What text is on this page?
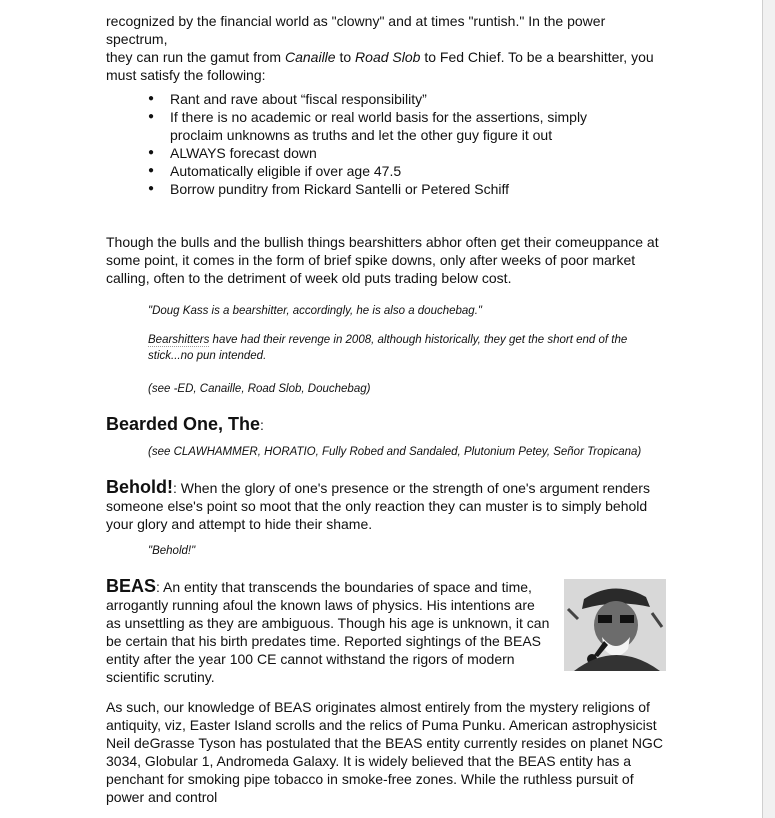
recognized by the financial world as "clowny" and at times "runtish." In the power spectrum,
they can run the gamut from Canaille to Road Slob to Fed Chief. To be a bearshitter, you
must satisfy the following:

● Rant and rave about “fiscal responsibility”
● If there is no academic or real world basis for the assertions, simply proclaim unknowns as truths and let the other guy figure it out
● ALWAYS forecast down
● Automatically eligible if over age 47.5
● Borrow punditry from Rickard Santelli or Petered Schiff

Though the bulls and the bullish things bearshitters abhor often get their comeuppance at some point, it comes in the form of brief spike downs, only after weeks of poor market calling, often to the detriment of week old puts trading below cost.

"Doug Kass is a bearshitter, accordingly, he is also a douchebag."

Bearshitters have had their revenge in 2008, although historically, they get the short end of the stick...no pun intended.

(see -ED, Canaille, Road Slob, Douchebag)

Bearded One, The:

(see CLAWHAMMER, HORATIO, Fully Robed and Sandaled, Plutonium Petey, Señor Tropicana)

Behold!: When the glory of one's presence or the strength of one's argument renders someone else's point so moot that the only reaction they can muster is to simply behold your glory and attempt to hide their shame.

"Behold!"

BEAS: An entity that transcends the boundaries of space and time, arrogantly running afoul the known laws of physics. His intentions are as unsettling as they are ambiguous. Though his age is unknown, it can be certain that his birth predates time. Reported sightings of the BEAS entity after the year 100 CE cannot withstand the rigors of modern scientific scrutiny.

As such, our knowledge of BEAS originates almost entirely from the mystery religions of antiquity, viz, Easter Island scrolls and the relics of Puma Punku. American astrophysicist Neil deGrasse Tyson has postulated that the BEAS entity currently resides on planet NGC 3034, Globular 1, Andromeda Galaxy. It is widely believed that the BEAS entity has a penchant for smoking pipe tobacco in smoke-free zones. While the ruthless pursuit of power and control
